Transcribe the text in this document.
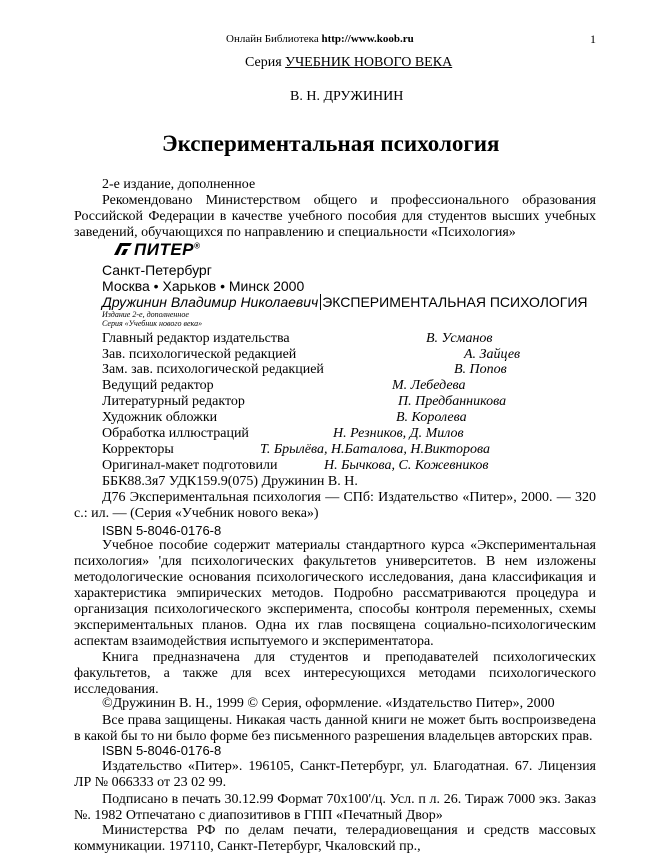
Онлайн Библиотека http://www.koob.ru	1
Серия УЧЕБНИК НОВОГО ВЕКА
В. Н. ДРУЖИНИН
Экспериментальная психология
2-е издание, дополненное
Рекомендовано Министерством общего и профессионального образования Российской Федерации в качестве учебного пособия для студентов высших учебных заведений, обучающихся по направлению и специальности «Психология»
ПИТЕР®
Санкт-Петербург
Москва • Харьков • Минск 2000
Дружинин Владимир Николаевич ЭКСПЕРИМЕНТАЛЬНАЯ ПСИХОЛОГИЯ
Издание 2-е, дополненное
Серия «Учебник нового века»
Главный редактор издательства	В. Усманов
Зав. психологической редакцией	А. Зайцев
Зам. зав. психологической редакцией	В. Попов
Ведущий редактор	М. Лебедева
Литературный редактор	П. Предбанникова
Художник обложки	В. Королева
Обработка иллюстраций	Н. Резников, Д. Милов
Корректоры	Т. Брылёва, Н.Баталова, Н.Викторова
Оригинал-макет подготовили	Н. Бычкова, С. Кожевников
ББК88.3я7 УДК159.9(075) Дружинин В. Н.
Д76 Экспериментальная психология — СПб: Издательство «Питер», 2000. — 320 с.: ил. — (Серия «Учебник нового века»)
ISBN 5-8046-0176-8
Учебное пособие содержит материалы стандартного курса «Экспериментальная психология» 'для психологических факультетов университетов. В нем изложены методологические основания психологического исследования, дана классификация и характеристика эмпирических методов. Подробно рассматриваются процедура и организация психологического эксперимента, способы контроля переменных, схемы экспериментальных планов. Одна их глав посвящена социально-психологическим аспектам взаимодействия испытуемого и экспериментатора.
Книга предназначена для студентов и преподавателей психологических факультетов, а также для всех интересующихся методами психологического исследования.
©Дружинин В. Н., 1999 © Серия, оформление. «Издательство Питер», 2000
Все права защищены. Никакая часть данной книги не может быть воспроизведена в какой бы то ни было форме без письменного разрешения владельцев авторских прав.
ISBN 5-8046-0176-8
Издательство «Питер». 196105, Санкт-Петербург, ул. Благодатная. 67. Лицензия ЛР № 066333 от 23 02 99.
Подписано в печать 30.12.99 Формат 70x100'/ц. Усл. п л. 26. Тираж 7000 экз. Заказ №. 1982 Отпечатано с диапозитивов в ГПП «Печатный Двор»
Министерства РФ по делам печати, телерадиовещания и средств массовых коммуникации. 197110, Санкт-Петербург, Чкаловский пр.,
